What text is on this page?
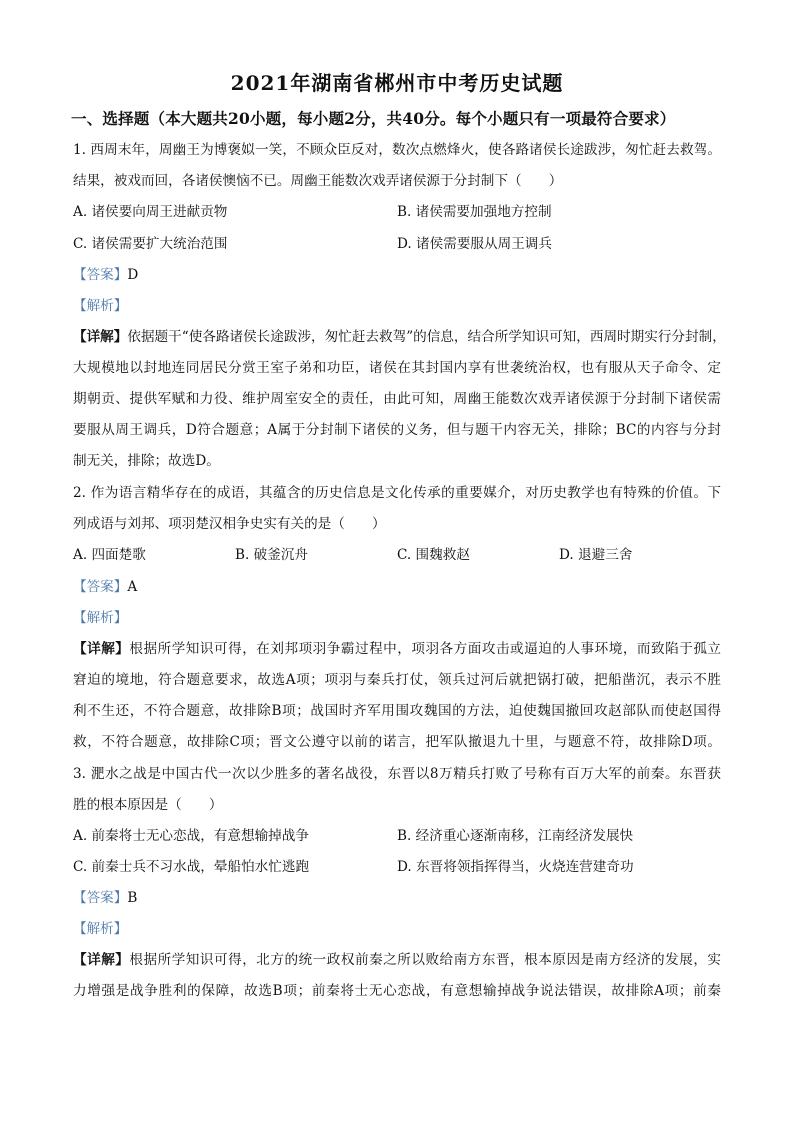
2021年湖南省郴州市中考历史试题
一、选择题（本大题共20小题，每小题2分，共40分。每个小题只有一项最符合要求）
1. 西周末年，周幽王为博褒姒一笑，不顾众臣反对，数次点燃烽火，使各路诸侯长途跋涉，匆忙赶去救驾。
结果，被戏而回，各诸侯懊恼不已。周幽王能数次戏弄诸侯源于分封制下（　　）
A. 诸侯要向周王进献贡物	B. 诸侯需要加强地方控制
C. 诸侯需要扩大统治范围	D. 诸侯需要服从周王调兵
【答案】D
【解析】
【详解】依据题干“使各路诸侯长途跋涉，匆忙赶去救驾”的信息，结合所学知识可知，西周时期实行分封制，
大规模地以封地连同居民分赏王室子弟和功臣，诸侯在其封国内享有世袭统治权，也有服从天子命令、定
期朝贡、提供军赋和力役、维护周室安全的责任，由此可知，周幽王能数次戏弄诸侯源于分封制下诸侯需
要服从周王调兵，D符合题意；A属于分封制下诸侯的义务，但与题干内容无关，排除；BC的内容与分封
制无关，排除；故选D。
2. 作为语言精华存在的成语，其蕴含的历史信息是文化传承的重要媒介，对历史教学也有特殊的价值。下
列成语与刘邦、项羽楚汉相争史实有关的是（　　）
A. 四面楚歌	B. 破釜沉舟	C. 围魏救赵	D. 退避三舍
【答案】A
【解析】
【详解】根据所学知识可得，在刘邦项羽争霸过程中，项羽各方面攻击或逼迫的人事环境，而致陷于孤立
窘迫的境地，符合题意要求，故选A项；项羽与秦兵打仗，领兵过河后就把锅打破，把船凿沉，表示不胜
利不生还，不符合题意，故排除B项；战国时齐军用围攻魏国的方法，迫使魏国撤回攻赵部队而使赵国得
救，不符合题意，故排除C项；晋文公遵守以前的诺言，把军队撤退九十里，与题意不符，故排除D项。
3. 淝水之战是中国古代一次以少胜多的著名战役，东晋以8万精兵打败了号称有百万大军的前秦。东晋获
胜的根本原因是（　　）
A. 前秦将士无心恋战，有意想输掉战争	B. 经济重心逐渐南移，江南经济发展快
C. 前秦士兵不习水战，晕船怕水忙逃跑	D. 东晋将领指挥得当，火烧连营建奇功
【答案】B
【解析】
【详解】根据所学知识可得，北方的统一政权前秦之所以败给南方东晋，根本原因是南方经济的发展，实
力增强是战争胜利的保障，故选B项；前秦将士无心恋战，有意想输掉战争说法错误，故排除A项；前秦
